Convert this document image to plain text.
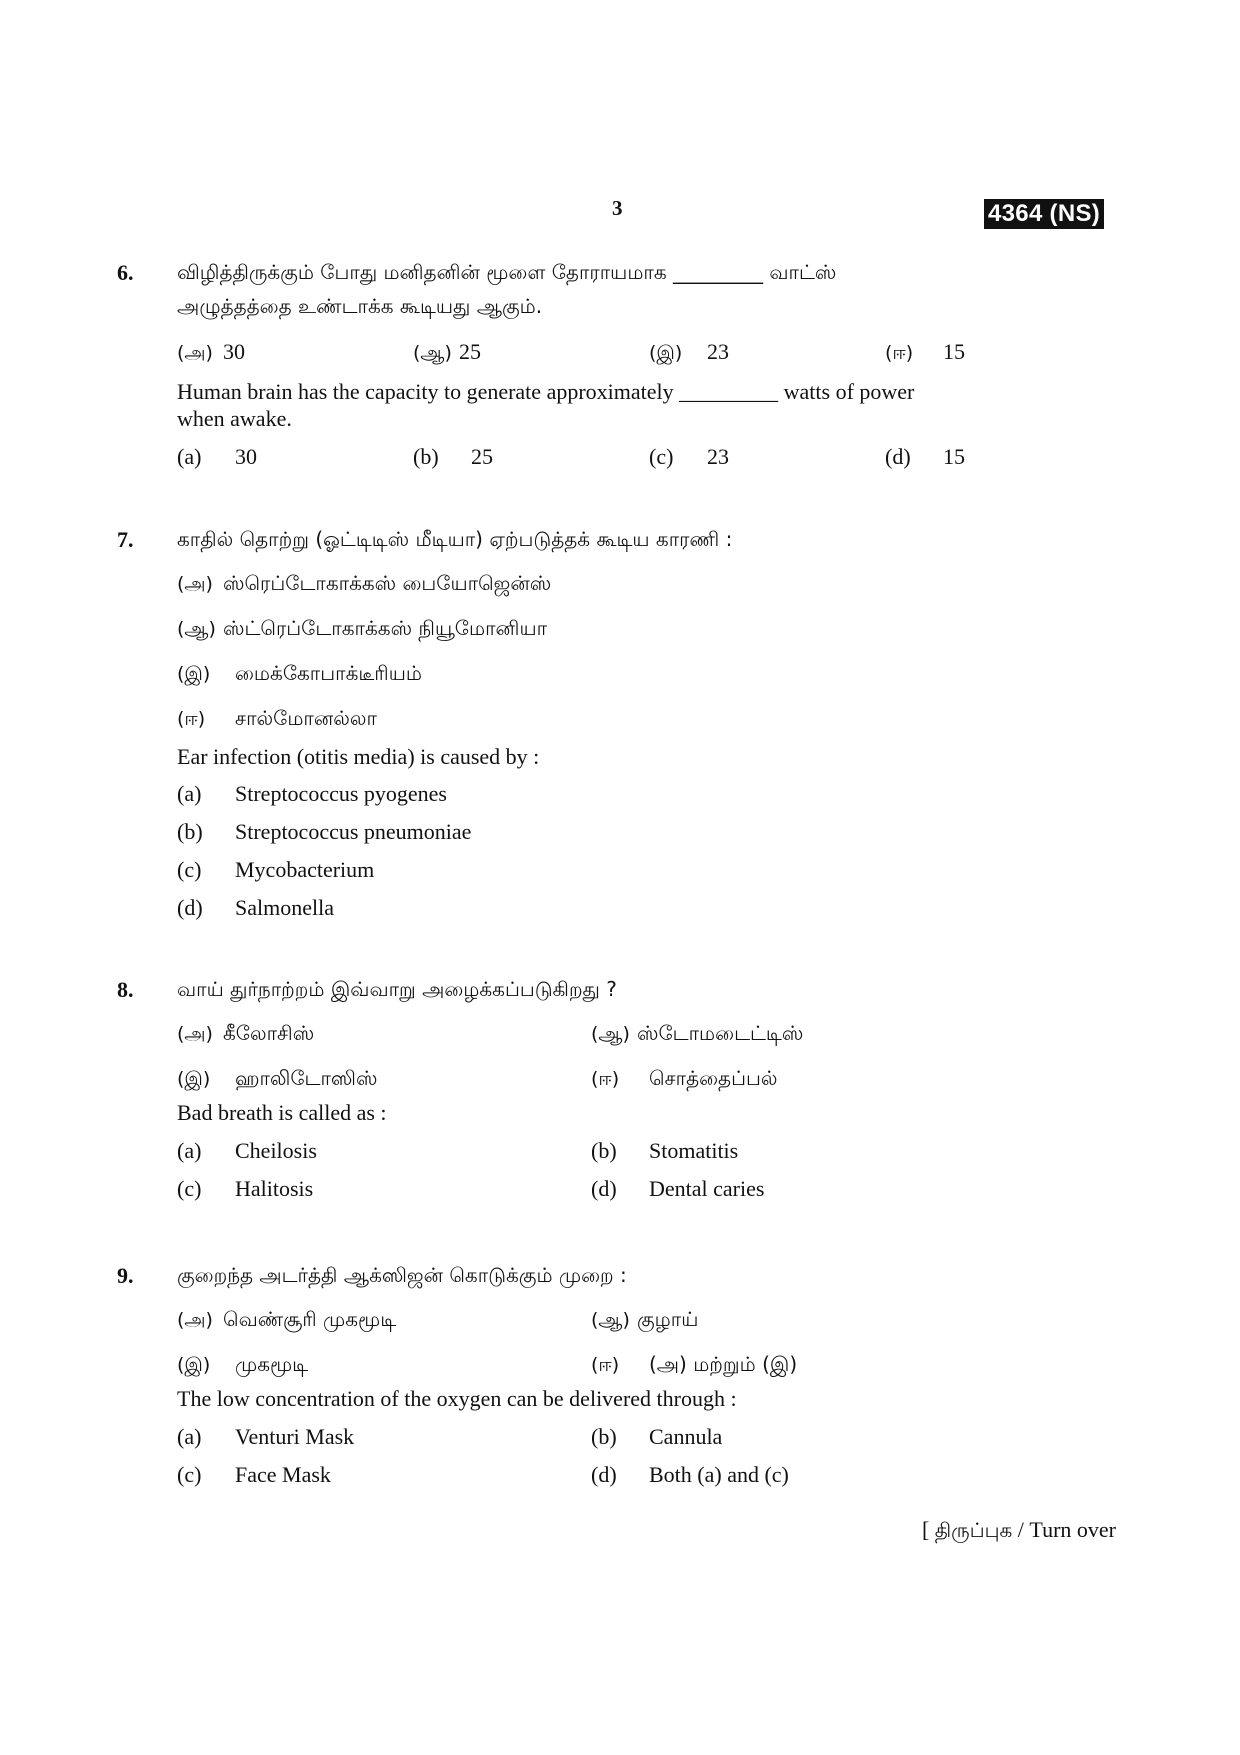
3	4364 (NS)
6. விழித்திருக்கும் போது மனிதனின் மூளை தோராயமாக _________ வாட்ஸ்
அழுத்தத்தை உண்டாக்க கூடியது ஆகும்.
(அ) 30	(ஆ) 25	(இ) 23	(ஈ) 15
Human brain has the capacity to generate approximately _________ watts of power
when awake.
(a) 30	(b) 25	(c) 23	(d) 15
7. காதில் தொற்று (ஓட்டிடிஸ் மீடியா) ஏற்படுத்தக் கூடிய காரணி :
(அ) ஸ்ரெப்டோகாக்கஸ் பையோஜென்ஸ்
(ஆ) ஸ்ட்ரெப்டோகாக்கஸ் நியூமோனியா
(இ) மைக்கோபாக்டீரியம்
(ஈ) சால்மோனல்லா
Ear infection (otitis media) is caused by :
(a) Streptococcus pyogenes
(b) Streptococcus pneumoniae
(c) Mycobacterium
(d) Salmonella
8. வாய் துர்நாற்றம் இவ்வாறு அழைக்கப்படுகிறது ?
(அ) கீலோசிஸ்	(ஆ) ஸ்டோமடைட்டிஸ்
(இ) ஹாலிடோஸிஸ்	(ஈ) சொத்தைப்பல்
Bad breath is called as :
(a) Cheilosis	(b) Stomatitis
(c) Halitosis	(d) Dental caries
9. குறைந்த அடர்த்தி ஆக்ஸிஜன் கொடுக்கும் முறை :
(அ) வெண்சூரி முகமூடி	(ஆ) குழாய்
(இ) முகமூடி	(ஈ) (அ) மற்றும் (இ)
The low concentration of the oxygen can be delivered through :
(a) Venturi Mask	(b) Cannula
(c) Face Mask	(d) Both (a) and (c)
[ திருப்புக / Turn over
